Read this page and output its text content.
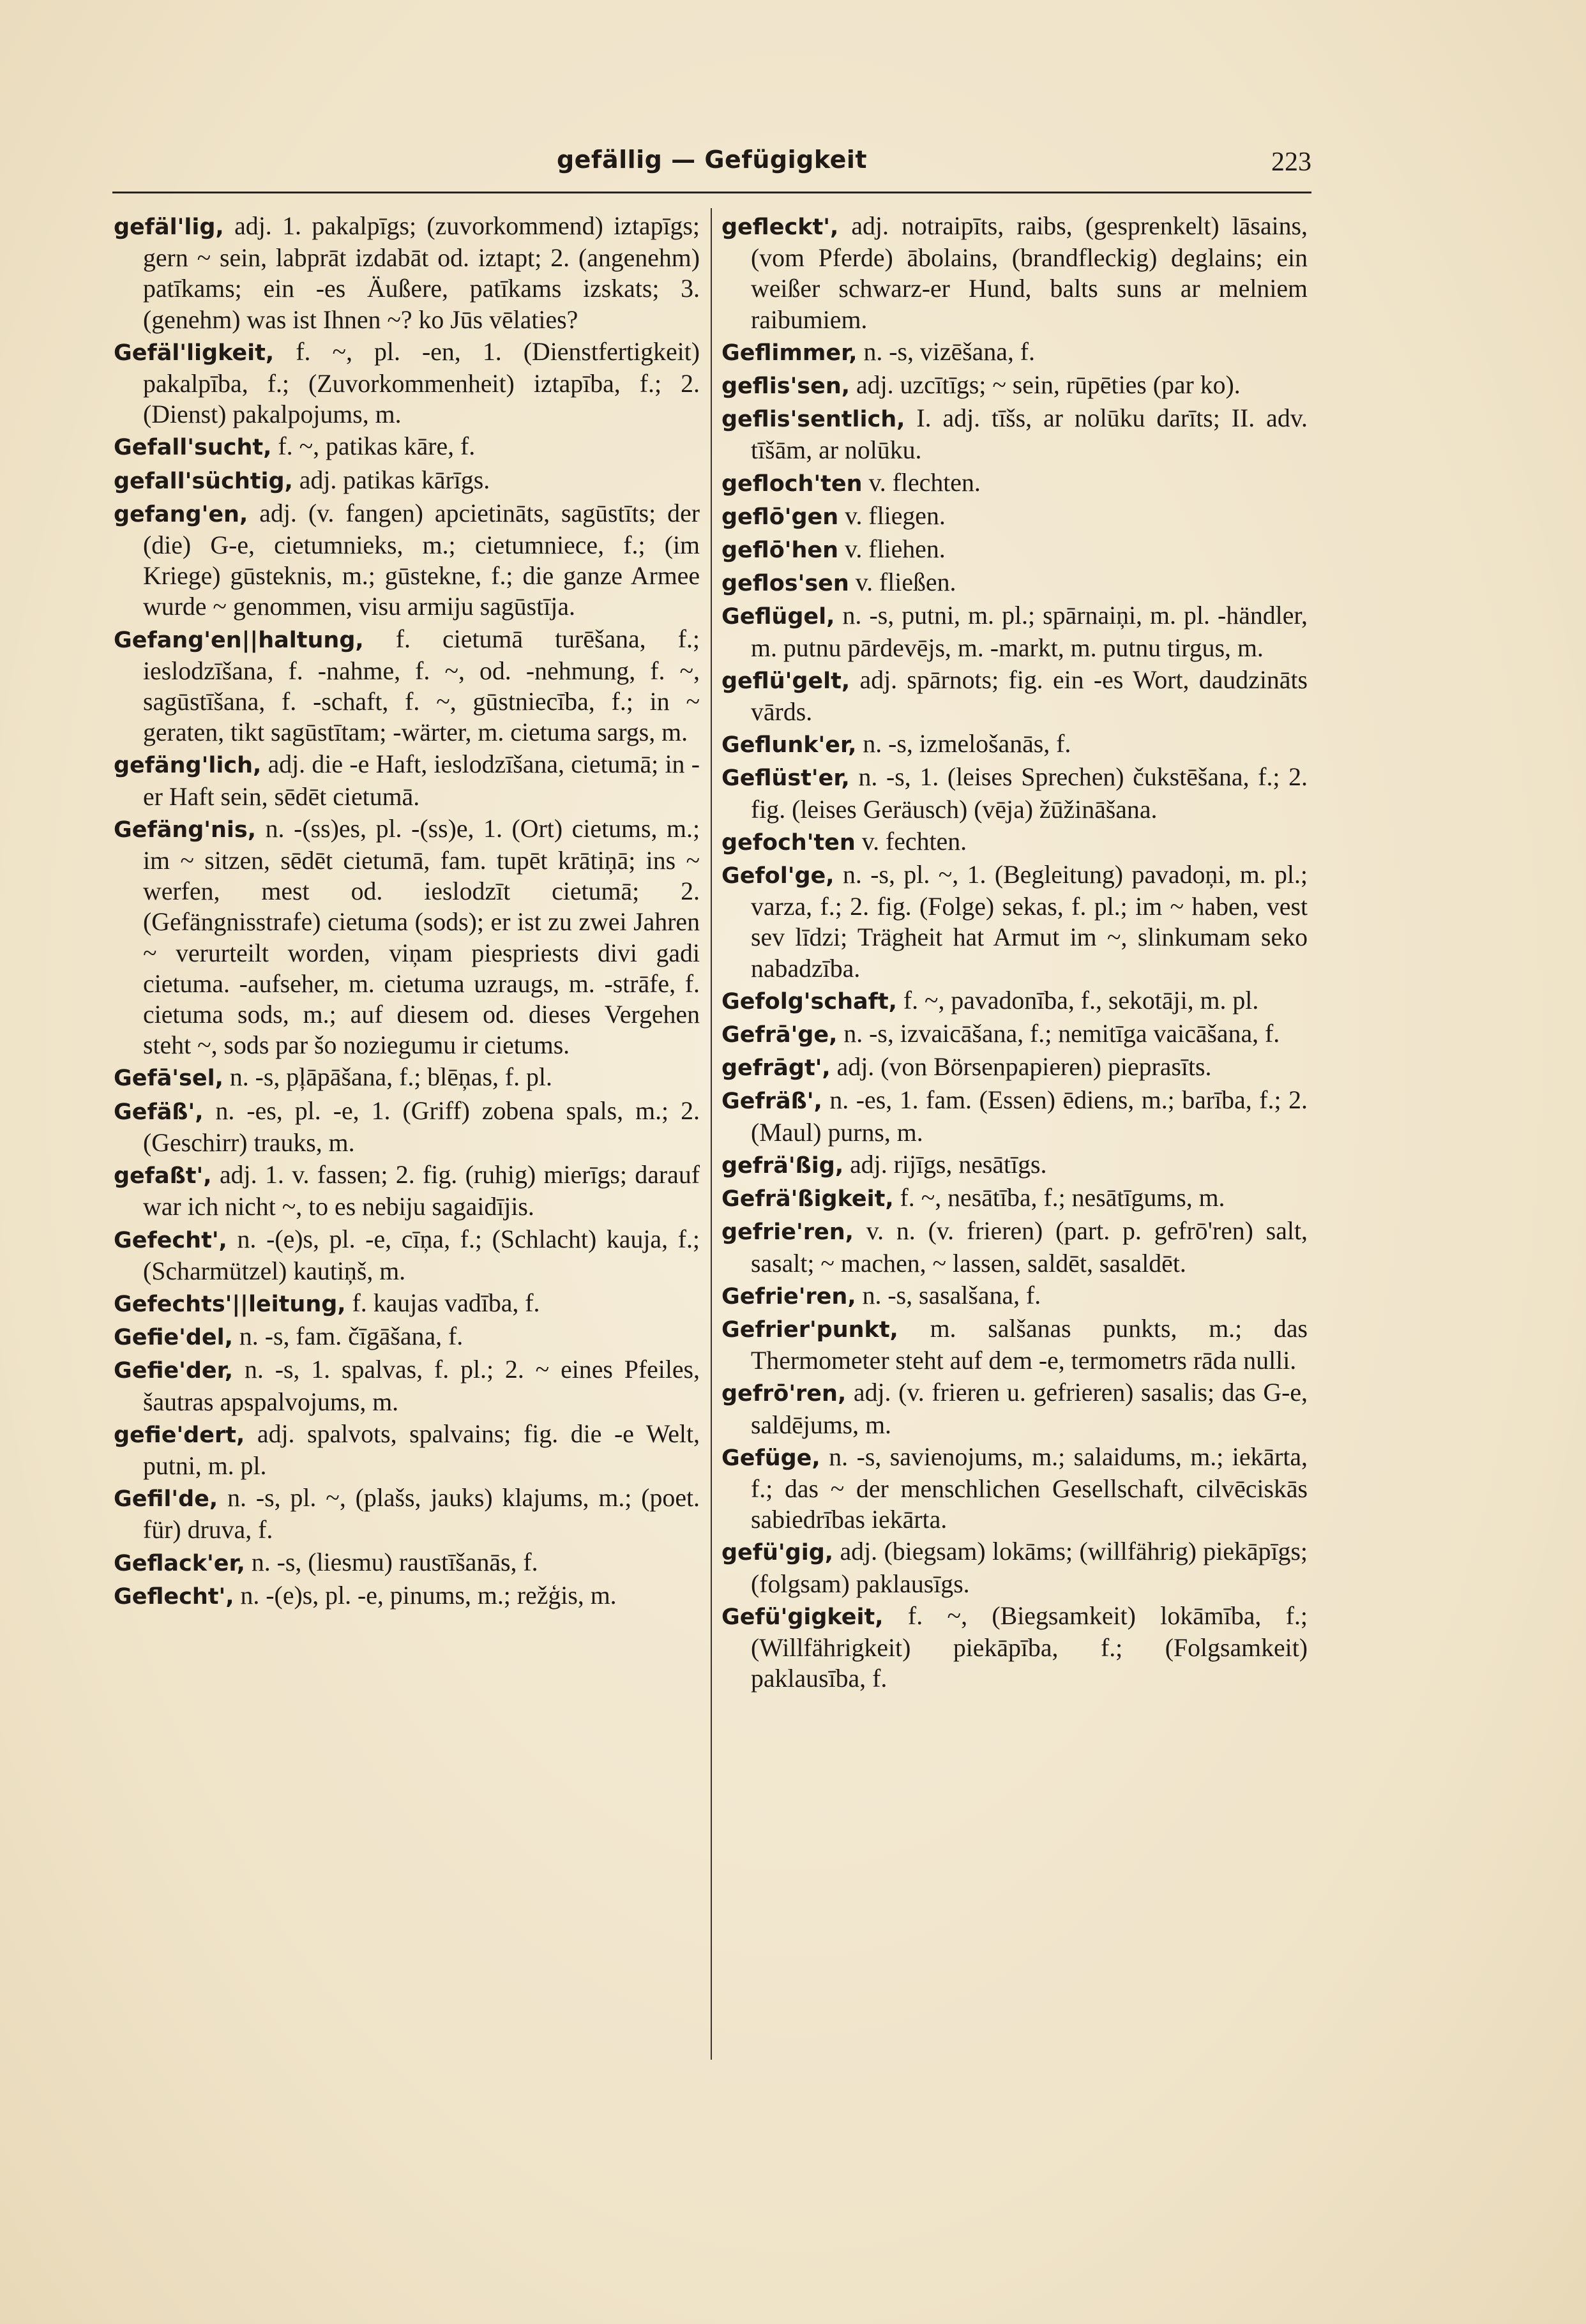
gefällig — Gefügigkeit	223

gefäl'lig, adj. 1. pakalpīgs; (zuvorkommend) iztapīgs; gern ~ sein, labprāt izdabāt od. iztapt; 2. (angenehm) patīkams; ein -es Äußere, patīkams izskats; 3. (genehm) was ist Ihnen ~? ko Jūs vēlaties?

Gefäl'ligkeit, f. ~, pl. -en, 1. (Dienstfertigkeit) pakalpība, f.; (Zuvorkommenheit) iztapība, f.; 2. (Dienst) pakalpojums, m.

Gefall'sucht, f. ~, patikas kāre, f.

gefall'süchtig, adj. patikas kārīgs.

gefang'en, adj. (v. fangen) apcietināts, sagūstīts; der (die) G-e, cietumnieks, m.; cietumniece, f.; (im Kriege) gūsteknis, m.; gūstekne, f.; die ganze Armee wurde ~ genommen, visu armiju sagūstīja.

Gefang'en||haltung, f. cietumā turēšana, f.; ieslodzīšana, f. -nahme, f. ~, od. -nehmung, f. ~, sagūstīšana, f. -schaft, f. ~, gūstniecība, f.; in ~ geraten, tikt sagūstītam; -wärter, m. cietuma sargs, m.

gefäng'lich, adj. die -e Haft, ieslodzīšana, cietumā; in -er Haft sein, sēdēt cietumā.

Gefäng'nis, n. -(ss)es, pl. -(ss)e, 1. (Ort) cietums, m.; im ~ sitzen, sēdēt cietumā, fam. tupēt krātiņā; ins ~ werfen, mest od. ieslodzīt cietumā; 2. (Gefängnisstrafe) cietuma (sods); er ist zu zwei Jahren ~ verurteilt worden, viņam piespriests divi gadi cietuma. -aufseher, m. cietuma uzraugs, m. -strāfe, f. cietuma sods, m.; auf diesem od. dieses Vergehen steht ~, sods par šo noziegumu ir cietums.

Gefā'sel, n. -s, pļāpāšana, f.; blēņas, f. pl.

Gefäß', n. -es, pl. -e, 1. (Griff) zobena spals, m.; 2. (Geschirr) trauks, m.

gefaßt', adj. 1. v. fassen; 2. fig. (ruhig) mierīgs; darauf war ich nicht ~, to es nebiju sagaidījis.

Gefecht', n. -(e)s, pl. -e, cīņa, f.; (Schlacht) kauja, f.; (Scharmützel) kautiņš, m.

Gefechts'||leitung, f. kaujas vadība, f.

Gefie'del, n. -s, fam. čīgāšana, f.

Gefie'der, n. -s, 1. spalvas, f. pl.; 2. ~ eines Pfeiles, šautras apspalvojums, m.

gefie'dert, adj. spalvots, spalvains; fig. die -e Welt, putni, m. pl.

Gefil'de, n. -s, pl. ~, (plašs, jauks) klajums, m.; (poet. für) druva, f.

Geflack'er, n. -s, (liesmu) raustīšanās, f.

Geflecht', n. -(e)s, pl. -e, pinums, m.; režģis, m.

gefleckt', adj. notraipīts, raibs, (gesprenkelt) lāsains, (vom Pferde) ābolains, (brandfleckig) deglains; ein weißer schwarz-er Hund, balts suns ar melniem raibumiem.

Geflimmer, n. -s, vizēšana, f.

geflis'sen, adj. uzcītīgs; ~ sein, rūpēties (par ko).

geflis'sentlich, I. adj. tīšs, ar nolūku darīts; II. adv. tīšām, ar nolūku.

gefloch'ten v. flechten.

geflō'gen v. fliegen.

geflō'hen v. fliehen.

geflos'sen v. fließen.

Geflügel, n. -s, putni, m. pl.; spārnaiņi, m. pl. -händler, m. putnu pārdevējs, m. -markt, m. putnu tirgus, m.

geflü'gelt, adj. spārnots; fig. ein -es Wort, daudzināts vārds.

Geflunk'er, n. -s, izmelošanās, f.

Geflüst'er, n. -s, 1. (leises Sprechen) čukstēšana, f.; 2. fig. (leises Geräusch) (vēja) žūžināšana.

gefoch'ten v. fechten.

Gefol'ge, n. -s, pl. ~, 1. (Begleitung) pavadoņi, m. pl.; varza, f.; 2. fig. (Folge) sekas, f. pl.; im ~ haben, vest sev līdzi; Trägheit hat Armut im ~, slinkumam seko nabadzība.

Gefolg'schaft, f. ~, pavadonība, f., sekotāji, m. pl.

Gefrā'ge, n. -s, izvaicāšana, f.; nemitīga vaicāšana, f.

gefrāgt', adj. (von Börsenpapieren) pieprasīts.

Gefräß', n. -es, 1. fam. (Essen) ēdiens, m.; barība, f.; 2. (Maul) purns, m.

gefrä'ßig, adj. rijīgs, nesātīgs.

Gefrä'ßigkeit, f. ~, nesātība, f.; nesātīgums, m.

gefrie'ren, v. n. (v. frieren) (part. p. gefrō'ren) salt, sasalt; ~ machen, ~ lassen, saldēt, sasaldēt.

Gefrie'ren, n. -s, sasalšana, f.

Gefrier'punkt, m. salšanas punkts, m.; das Thermometer steht auf dem -e, termometrs rāda nulli.

gefrō'ren, adj. (v. frieren u. gefrieren) sasalis; das G-e, saldējums, m.

Gefüge, n. -s, savienojums, m.; salaidums, m.; iekārta, f.; das ~ der menschlichen Gesellschaft, cilvēciskās sabiedrības iekārta.

gefü'gig, adj. (biegsam) lokāms; (willfährig) piekāpīgs; (folgsam) paklausīgs.

Gefü'gigkeit, f. ~, (Biegsamkeit) lokāmība, f.; (Willfährigkeit) piekāpība, f.; (Folgsamkeit) paklausība, f.
